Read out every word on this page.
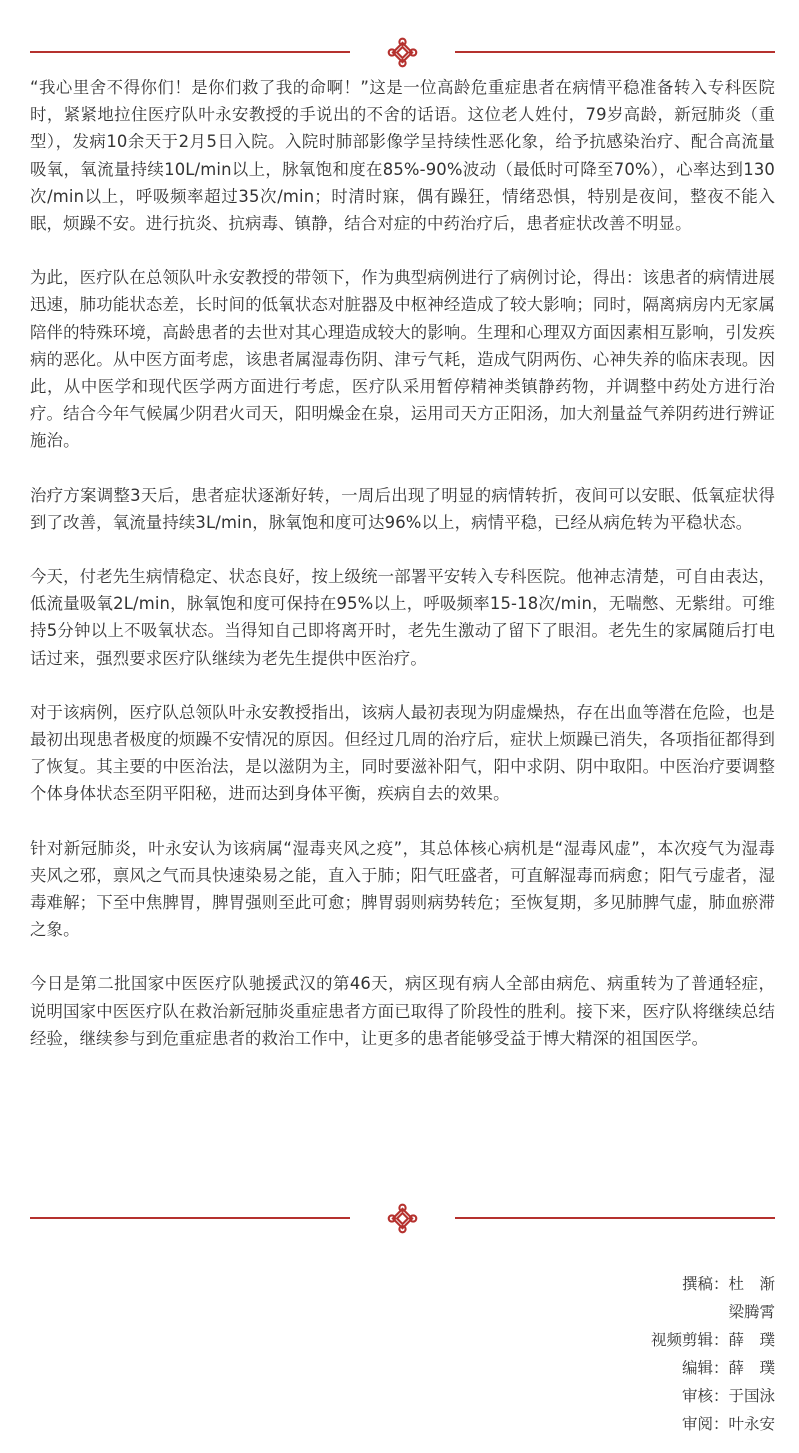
“我心里舍不得你们！是你们救了我的命啊！”这是一位高龄危重症患者在病情平稳准备转入专科医院时，紧紧地拉住医疗队叶永安教授的手说出的不舍的话语。这位老人姓付，79岁高龄，新冠肺炎（重型），发病10余天于2月5日入院。入院时肺部影像学呈持续性恶化象，给予抗感染治疗、配合高流量吸氧，氧流量持续10L/min以上，脉氧饱和度在85%-90%波动（最低时可降至70%），心率达到130次/min以上，呼吸频率超过35次/min；时清时寐，偶有躁狂，情绪恐惧，特别是夜间，整夜不能入眠，烦躁不安。进行抗炎、抗病毒、镇静，结合对症的中药治疗后，患者症状改善不明显。

为此，医疗队在总领队叶永安教授的带领下，作为典型病例进行了病例讨论，得出：该患者的病情进展迅速，肺功能状态差，长时间的低氧状态对脏器及中枢神经造成了较大影响；同时，隔离病房内无家属陪伴的特殊环境，高龄患者的去世对其心理造成较大的影响。生理和心理双方面因素相互影响，引发疾病的恶化。从中医方面考虑，该患者属湿毒伤阴、津亏气耗，造成气阴两伤、心神失养的临床表现。因此，从中医学和现代医学两方面进行考虑，医疗队采用暂停精神类镇静药物，并调整中药处方进行治疗。结合今年气候属少阴君火司天，阳明燥金在泉，运用司天方正阳汤，加大剂量益气养阴药进行辨证施治。

治疗方案调整3天后，患者症状逐渐好转，一周后出现了明显的病情转折，夜间可以安眠、低氧症状得到了改善，氧流量持续3L/min，脉氧饱和度可达96%以上，病情平稳，已经从病危转为平稳状态。

今天，付老先生病情稳定、状态良好，按上级统一部署平安转入专科医院。他神志清楚，可自由表达，低流量吸氧2L/min，脉氧饱和度可保持在95%以上，呼吸频率15-18次/min，无喘憋、无紫绀。可维持5分钟以上不吸氧状态。当得知自己即将离开时，老先生激动了留下了眼泪。老先生的家属随后打电话过来，强烈要求医疗队继续为老先生提供中医治疗。

对于该病例，医疗队总领队叶永安教授指出，该病人最初表现为阴虚燥热，存在出血等潜在危险，也是最初出现患者极度的烦躁不安情况的原因。但经过几周的治疗后，症状上烦躁已消失，各项指征都得到了恢复。其主要的中医治法，是以滋阴为主，同时要滋补阳气，阳中求阴、阴中取阳。中医治疗要调整个体身体状态至阴平阳秘，进而达到身体平衡，疾病自去的效果。

针对新冠肺炎，叶永安认为该病属“湿毒夹风之疫”，其总体核心病机是“湿毒风虚”，本次疫气为湿毒夹风之邪，禀风之气而具快速染易之能，直入于肺；阳气旺盛者，可直解湿毒而病愈；阳气亏虚者，湿毒难解；下至中焦脾胃，脾胃强则至此可愈；脾胃弱则病势转危；至恢复期，多见肺脾气虚，肺血瘀滞之象。

今日是第二批国家中医医疗队驰援武汉的第46天，病区现有病人全部由病危、病重转为了普通轻症，说明国家中医医疗队在救治新冠肺炎重症患者方面已取得了阶段性的胜利。接下来，医疗队将继续总结经验，继续参与到危重症患者的救治工作中，让更多的患者能够受益于博大精深的祖国医学。

撰稿：杜　渐
梁腾霄
视频剪辑：薛　璞
编辑：薛　璞
审核：于国泳
审阅：叶永安
